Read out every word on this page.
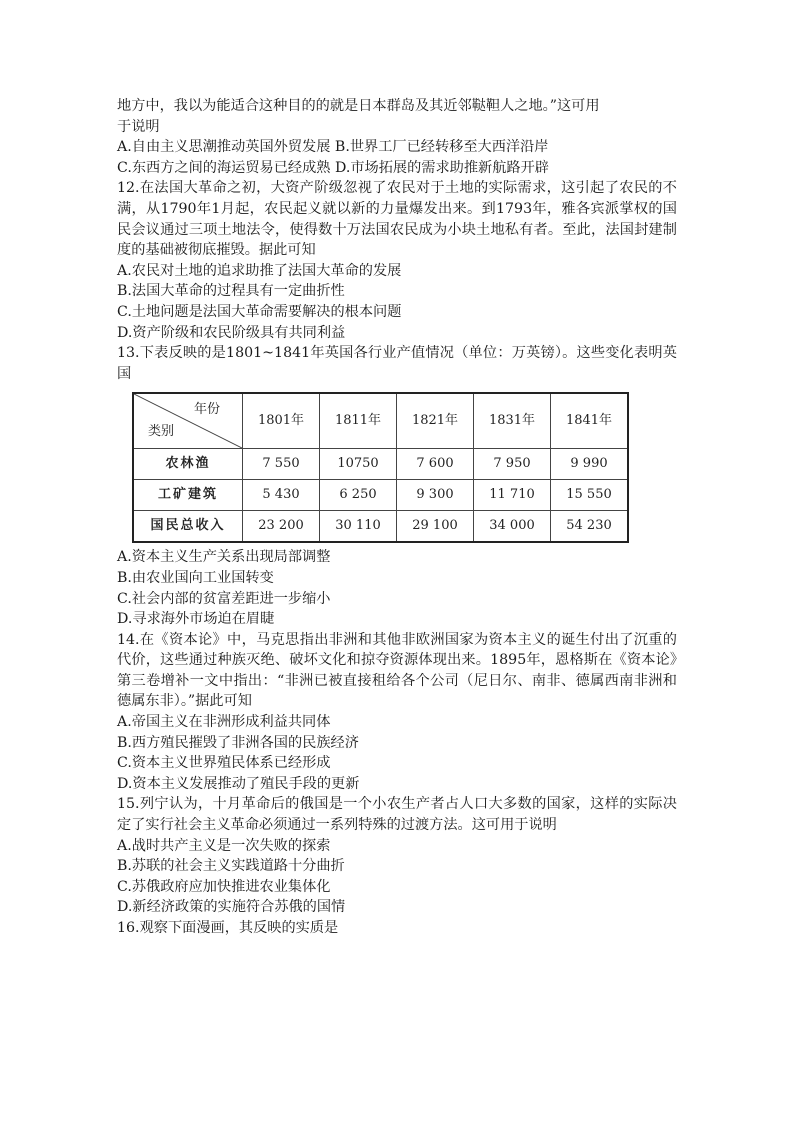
地方中，我以为能适合这种目的的就是日本群岛及其近邻鞑靼人之地。”这可用

于说明

A.自由主义思潮推动英国外贸发展 B.世界工厂已经转移至大西洋沿岸

C.东西方之间的海运贸易已经成熟 D.市场拓展的需求助推新航路开辟

12.在法国大革命之初，大资产阶级忽视了农民对于土地的实际需求，这引起了农民的不满，从1790年1月起，农民起义就以新的力量爆发出来。到1793年，雅各宾派掌权的国民会议通过三项土地法令，使得数十万法国农民成为小块土地私有者。至此，法国封建制度的基础被彻底摧毁。据此可知

A.农民对土地的追求助推了法国大革命的发展

B.法国大革命的过程具有一定曲折性

C.土地问题是法国大革命需要解决的根本问题

D.资产阶级和农民阶级具有共同利益

13.下表反映的是1801~1841年英国各行业产值情况（单位：万英镑）。这些变化表明英国

年份
类别	1801年	1811年	1821年	1831年	1841年
农林渔	7 550	10750	7 600	7 950	9 990
工矿建筑	5 430	6 250	9 300	11 710	15 550
国民总收入	23 200	30 110	29 100	34 000	54 230

A.资本主义生产关系出现局部调整

B.由农业国向工业国转变

C.社会内部的贫富差距进一步缩小

D.寻求海外市场迫在眉睫

14.在《资本论》中，马克思指出非洲和其他非欧洲国家为资本主义的诞生付出了沉重的代价，这些通过种族灭绝、破坏文化和掠夺资源体现出来。1895年，恩格斯在《资本论》第三卷增补一文中指出：“非洲已被直接租给各个公司（尼日尔、南非、德属西南非洲和德属东非）。”据此可知

A.帝国主义在非洲形成利益共同体

B.西方殖民摧毁了非洲各国的民族经济

C.资本主义世界殖民体系已经形成

D.资本主义发展推动了殖民手段的更新

15.列宁认为，十月革命后的俄国是一个小农生产者占人口大多数的国家，这样的实际决定了实行社会主义革命必须通过一系列特殊的过渡方法。这可用于说明

A.战时共产主义是一次失败的探索

B.苏联的社会主义实践道路十分曲折

C.苏俄政府应加快推进农业集体化

D.新经济政策的实施符合苏俄的国情

16.观察下面漫画，其反映的实质是
